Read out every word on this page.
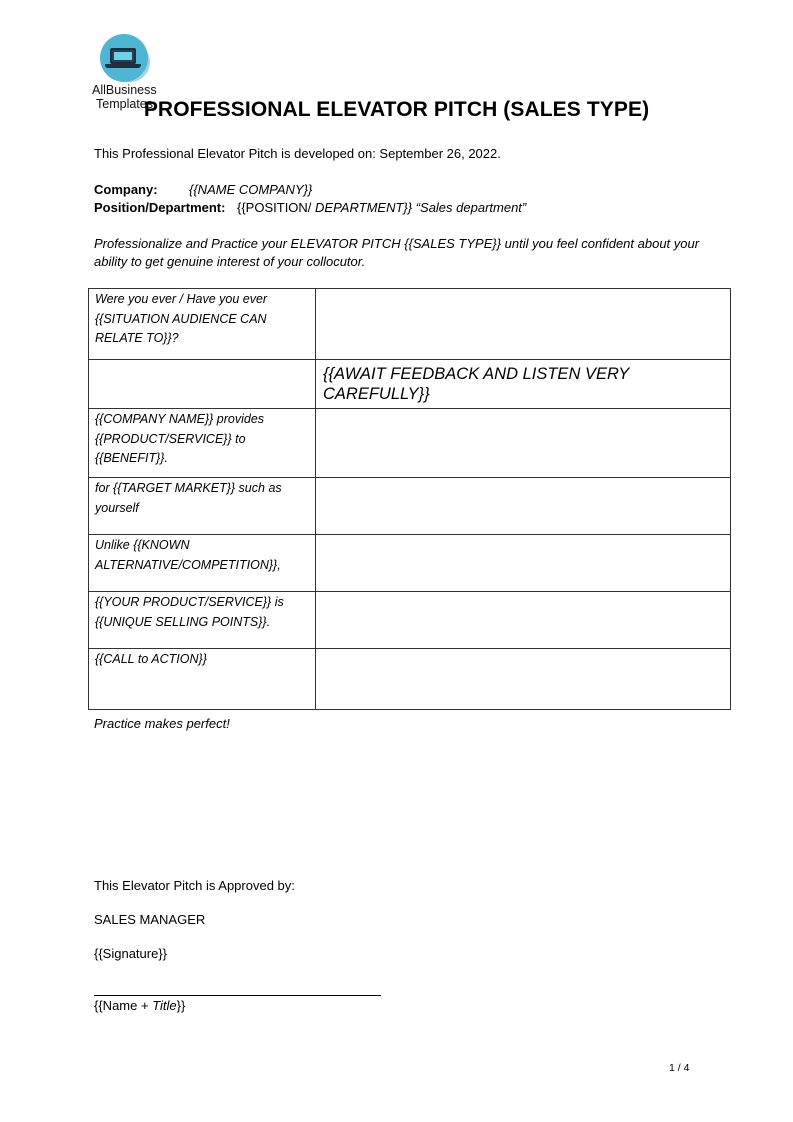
AllBusiness
Templates
PROFESSIONAL ELEVATOR PITCH (SALES TYPE)

This Professional Elevator Pitch is developed on: September 26, 2022.

Company: {{NAME COMPANY}}

Position/Department: {{POSITION/ DEPARTMENT}} “Sales department”

Professionalize and Practice your ELEVATOR PITCH {{SALES TYPE}} until you feel confident about your ability to get genuine interest of your collocutor.

Were you ever / Have you ever {{SITUATION AUDIENCE CAN RELATE TO}}?	
	{{AWAIT FEEDBACK AND LISTEN VERY CAREFULLY}}
{{COMPANY NAME}} provides {{PRODUCT/SERVICE}} to {{BENEFIT}}.	
for {{TARGET MARKET}} such as yourself	
Unlike {{KNOWN ALTERNATIVE/COMPETITION}},	
{{YOUR PRODUCT/SERVICE}} is {{UNIQUE SELLING POINTS}}.	
{{CALL to ACTION}}	

Practice makes perfect!

This Elevator Pitch is Approved by:

SALES MANAGER

{{Signature}}

{{Name + Title}}

1 / 4
